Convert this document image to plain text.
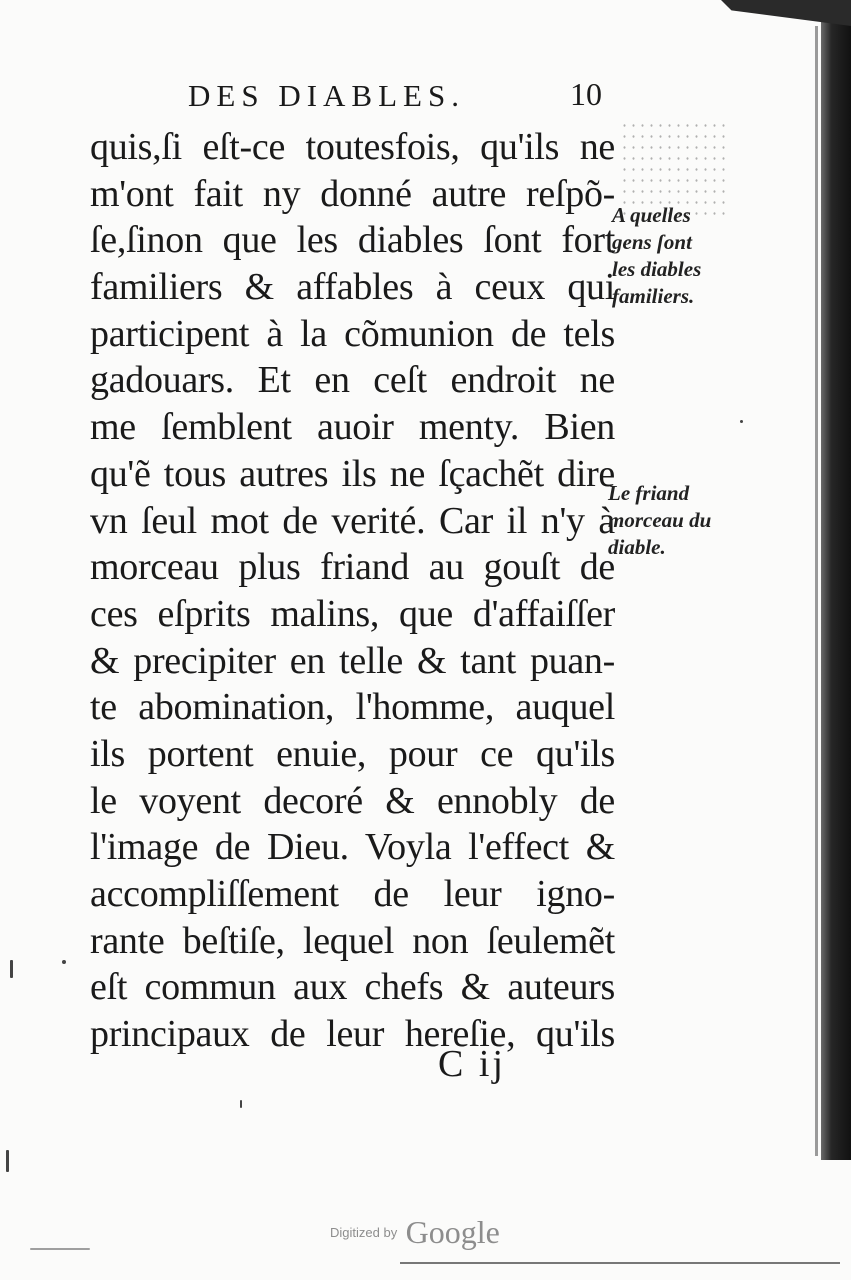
DES DIABLES.	10
quis,ſi eſt-ce toutesfois, qu'ils ne
m'ont fait ny donné autre reſpõ-
ſe,ſinon que les diables ſont fort
familiers & affables à ceux qui
participent à la cõmunion de tels
gadouars. Et en ceſt endroit ne
me ſemblent auoir menty. Bien
qu'ẽ tous autres ils ne ſçachẽt dire
vn ſeul mot de verité. Car il n'y à
morceau plus friand au gouſt de
ces eſprits malins, que d'affaiſſer
& precipiter en telle & tant puan-
te abomination, l'homme, auquel
ils portent enuie, pour ce qu'ils
le voyent decoré & ennobly de
l'image de Dieu. Voyla l'effect &
accompliſſement de leur igno-
rante beſtiſe, lequel non ſeulemẽt
eſt commun aux chefs & auteurs
principaux de leur hereſie, qu'ils
A quelles
gens ſont
les diables
familiers.
Le friand
morceau du
diable.
C ij
Digitized by Google
